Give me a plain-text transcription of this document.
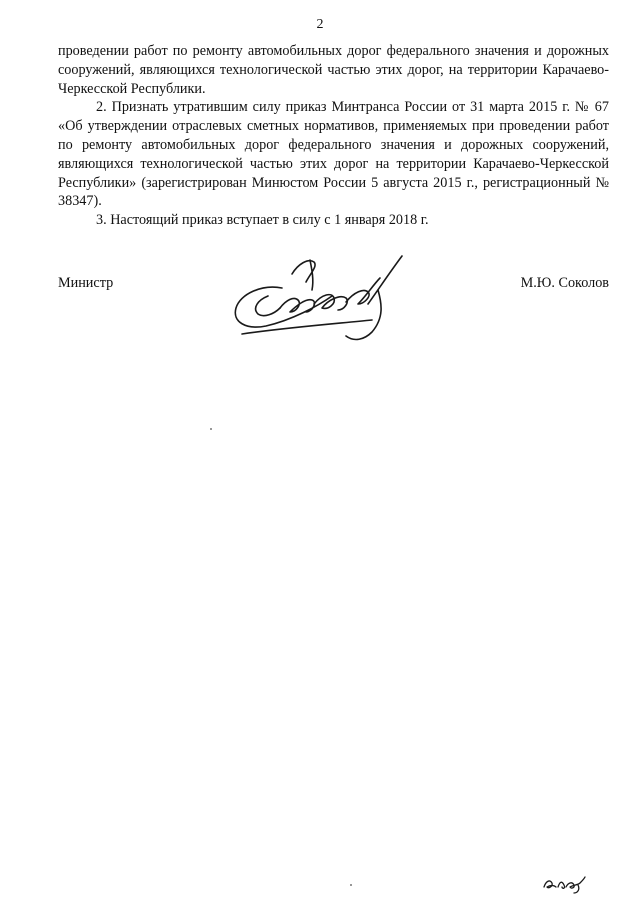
2

проведении работ по ремонту автомобильных дорог федерального значения и дорожных сооружений, являющихся технологической частью этих дорог, на территории Карачаево-Черкесской Республики.

2. Признать утратившим силу приказ Минтранса России от 31 марта 2015 г. № 67 «Об утверждении отраслевых сметных нормативов, применяемых при проведении работ по ремонту автомобильных дорог федерального значения и дорожных сооружений, являющихся технологической частью этих дорог на территории Карачаево-Черкесской Республики» (зарегистрирован Минюстом России 5 августа 2015 г., регистрационный № 38347).

3. Настоящий приказ вступает в силу с 1 января 2018 г.

Министр	М.Ю. Соколов
